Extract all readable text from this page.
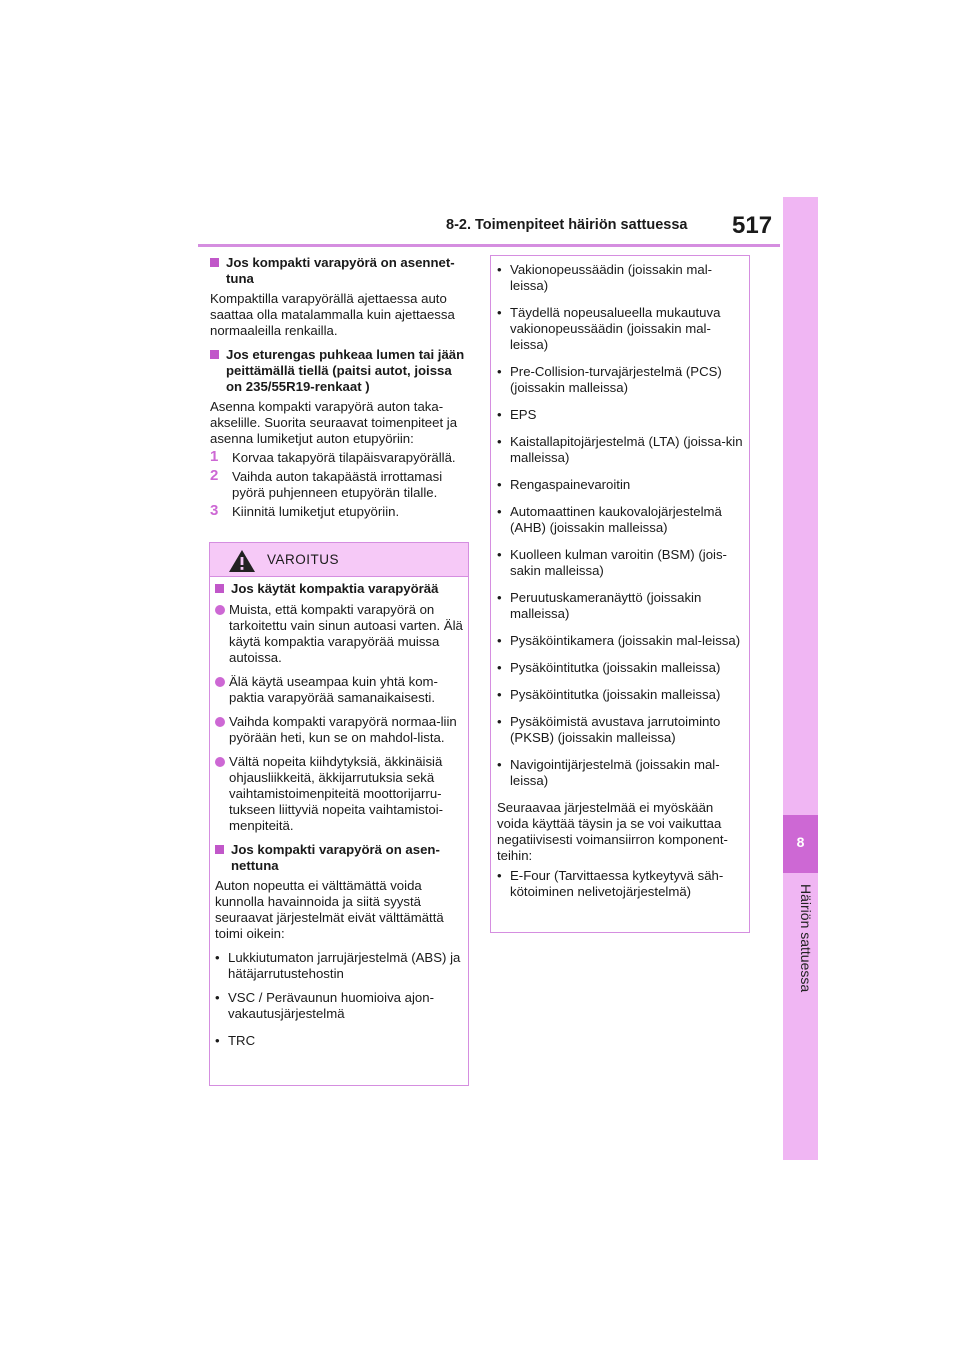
8-2. Toimenpiteet häiriön sattuessa 517
8
Häiriön sattuessa
Jos kompakti varapyörä on asennet-tuna
Kompaktilla varapyörällä ajettaessa auto saattaa olla matalammalla kuin ajettaessa normaaleilla renkailla.
Jos eturengas puhkeaa lumen tai jään peittämällä tiellä (paitsi autot, joissa on 235/55R19-renkaat )
Asenna kompakti varapyörä auton taka-akselille. Suorita seuraavat toimenpiteet ja asenna lumiketjut auton etupyöriin:
1 Korvaa takapyörä tilapäisvarapyörällä.
2 Vaihda auton takapäästä irrottamasi pyörä puhjenneen etupyörän tilalle.
3 Kiinnitä lumiketjut etupyöriin.
VAROITUS
Jos käytät kompaktia varapyörää
Muista, että kompakti varapyörä on tarkoitettu vain sinun autoasi varten. Älä käytä kompaktia varapyörää muissa autoissa.
Älä käytä useampaa kuin yhtä kom-paktia varapyörää samanaikaisesti.
Vaihda kompakti varapyörä normaa-liin pyörään heti, kun se on mahdol-lista.
Vältä nopeita kiihdytyksiä, äkkinäisiä ohjausliikkeitä, äkkijarrutuksia sekä vaihtamistoimenpiteitä moottorijarru-tukseen liittyviä nopeita vaihtamistoi-menpiteitä.
Jos kompakti varapyörä on asen-nettuna
Auton nopeutta ei välttämättä voida kunnolla havainnoida ja siitä syystä seuraavat järjestelmät eivät välttämättä toimi oikein:
• Lukkiutumaton jarrujärjestelmä (ABS) ja hätäjarrutustehostin
• VSC / Perävaunun huomioiva ajon-vakautusjärjestelmä
• TRC
• Vakionopeussäädin (joissakin mal-leissa)
• Täydellä nopeusalueella mukautuva vakionopeussäädin (joissakin mal-leissa)
• Pre-Collision-turvajärjestelmä (PCS) (joissakin malleissa)
• EPS
• Kaistallapitojärjestelmä (LTA) (joissa-kin malleissa)
• Rengaspainevaroitin
• Automaattinen kaukovalojärjestelmä (AHB) (joissakin malleissa)
• Kuolleen kulman varoitin (BSM) (jois-sakin malleissa)
• Peruutuskameranäyttö (joissakin malleissa)
• Pysäköintikamera (joissakin mal-leissa)
• Pysäköintitutka (joissakin malleissa)
• Pysäköintitutka (joissakin malleissa)
• Pysäköimistä avustava jarrutoiminto (PKSB) (joissakin malleissa)
• Navigointijärjestelmä (joissakin mal-leissa)
Seuraavaa järjestelmää ei myöskään voida käyttää täysin ja se voi vaikuttaa negatiivisesti voimansiirron komponent-teihin:
• E-Four (Tarvittaessa kytkeytyvä säh-kötoiminen nelivetojärjestelmä)
